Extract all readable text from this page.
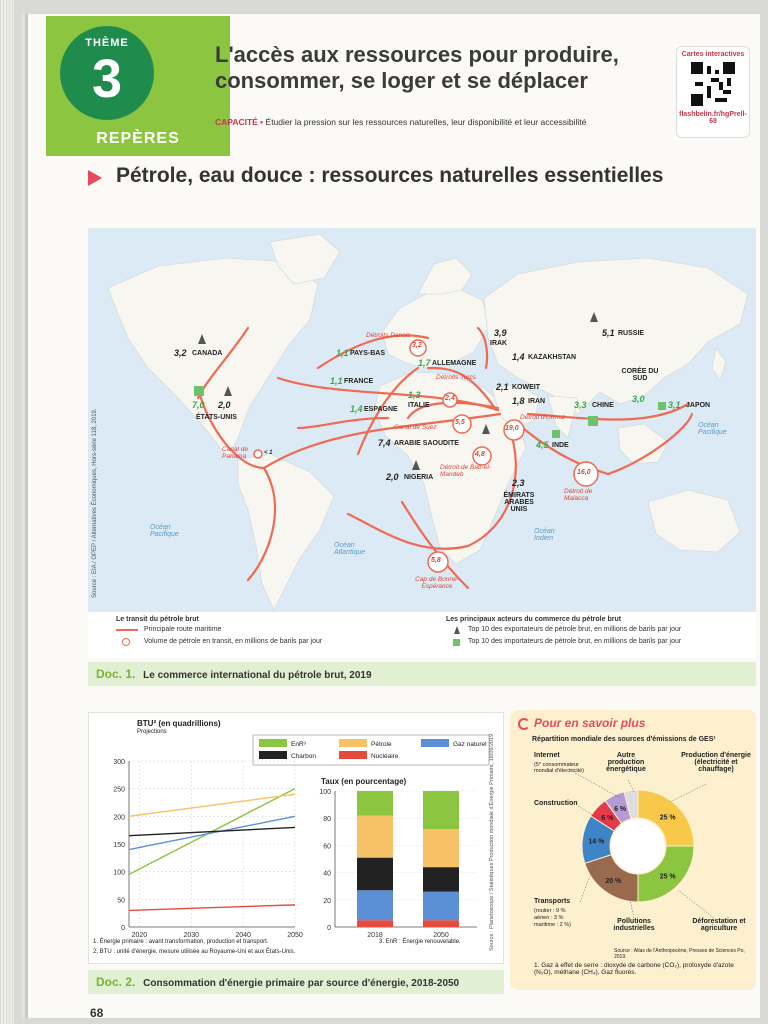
THÈME
3
REPÈRES
L'accès aux ressources pour produire, consommer, se loger et se déplacer
CAPACITÉ • Étudier la pression sur les ressources naturelles, leur disponibilité et leur accessibilité
Cartes interactives
flashbelin.fr/hgPrell-68
Pétrole, eau douce : ressources naturelles essentielles
Source : EIA / OPEP / Alternatives Économiques, Hors-série 118, 2019.
3,2
2,4
5,5
19,0
4,8
16,0
5,8
< 1
Détroits Danois
Détroits Turcs
Canal de Suez
Détroit d'Ormuz
Détroit de Bab-el-Mandeb
Détroit de Malacca
Canal de Panama
Cap de Bonne-Espérance
Océan Pacifique
Océan Atlantique
Océan Indien
Océan Pacifique
3,2 CANADA
2,0
ÉTATS-UNIS
5,1 RUSSIE
3,9
IRAK
1,4 KAZAKHSTAN
2,1 KOWEIT
1,8 IRAN
7,4 ARABIE SAOUDITE
2,0 NIGERIA
2,3
ÉMIRATS ARABES UNIS
7,0
1,1 PAYS-BAS
1,7 ALLEMAGNE
1,1 FRANCE
1,4 ESPAGNE
1,3
ITALIE	3,3 CHINE
3,0
CORÉE DU SUD
3,1 JAPON
4,5 INDE
Le transit du pétrole brut
Principale route maritime
Volume de pétrole en transit, en millions de barils par jour
Les principaux acteurs du commerce du pétrole brut
Top 10 des exportateurs de pétrole brut, en millions de barils par jour
Top 10 des importateurs de pétrole brut, en millions de barils par jour
Doc. 1. Le commerce international du pétrole brut, 2019
0
50
100
150
200
250
300
2020	2030	2040	2050
EnR³	Pétrole	Gaz naturel
Charbon	Nucléaire
0
20
40
60
80
100
2018	2050
BTU² (en quadrillions)
Projections
Taux (en pourcentage)
1. Énergie primaire : avant transformation, production et transport.
2. BTU : unité d'énergie, mesure utilisée au Royaume-Uni et aux États-Unis.
3. EnR : Énergie renouvelable.	Source : Planetoscope / Statistiques Production mondiale d'Énergie Primaire, 18/09/2019
Doc. 2. Consommation d'énergie primaire par source d'énergie, 2018-2050
Pour en savoir plus
Répartition mondiale des sources d'émissions de GES¹
25 %
25 %
20 %
14 %
6 %
6 %
Internet
(5° consommateur mondial d'électricité)
Autre production énergétique
Production d'énergie (électricité et chauffage)
Construction
Transports
(routier : 9 %
aérien : 3 %
maritime : 2 %)	Pollutions industrielles
Déforestation et agriculture
Source : Atlas de l'Anthropocène, Presses de Sciences Po, 2019.
1. Gaz à effet de serre : dioxyde de carbone (CO₂), protoxyde d'azote (N₂O), méthane (CH₄), Gaz fluorés.
68
